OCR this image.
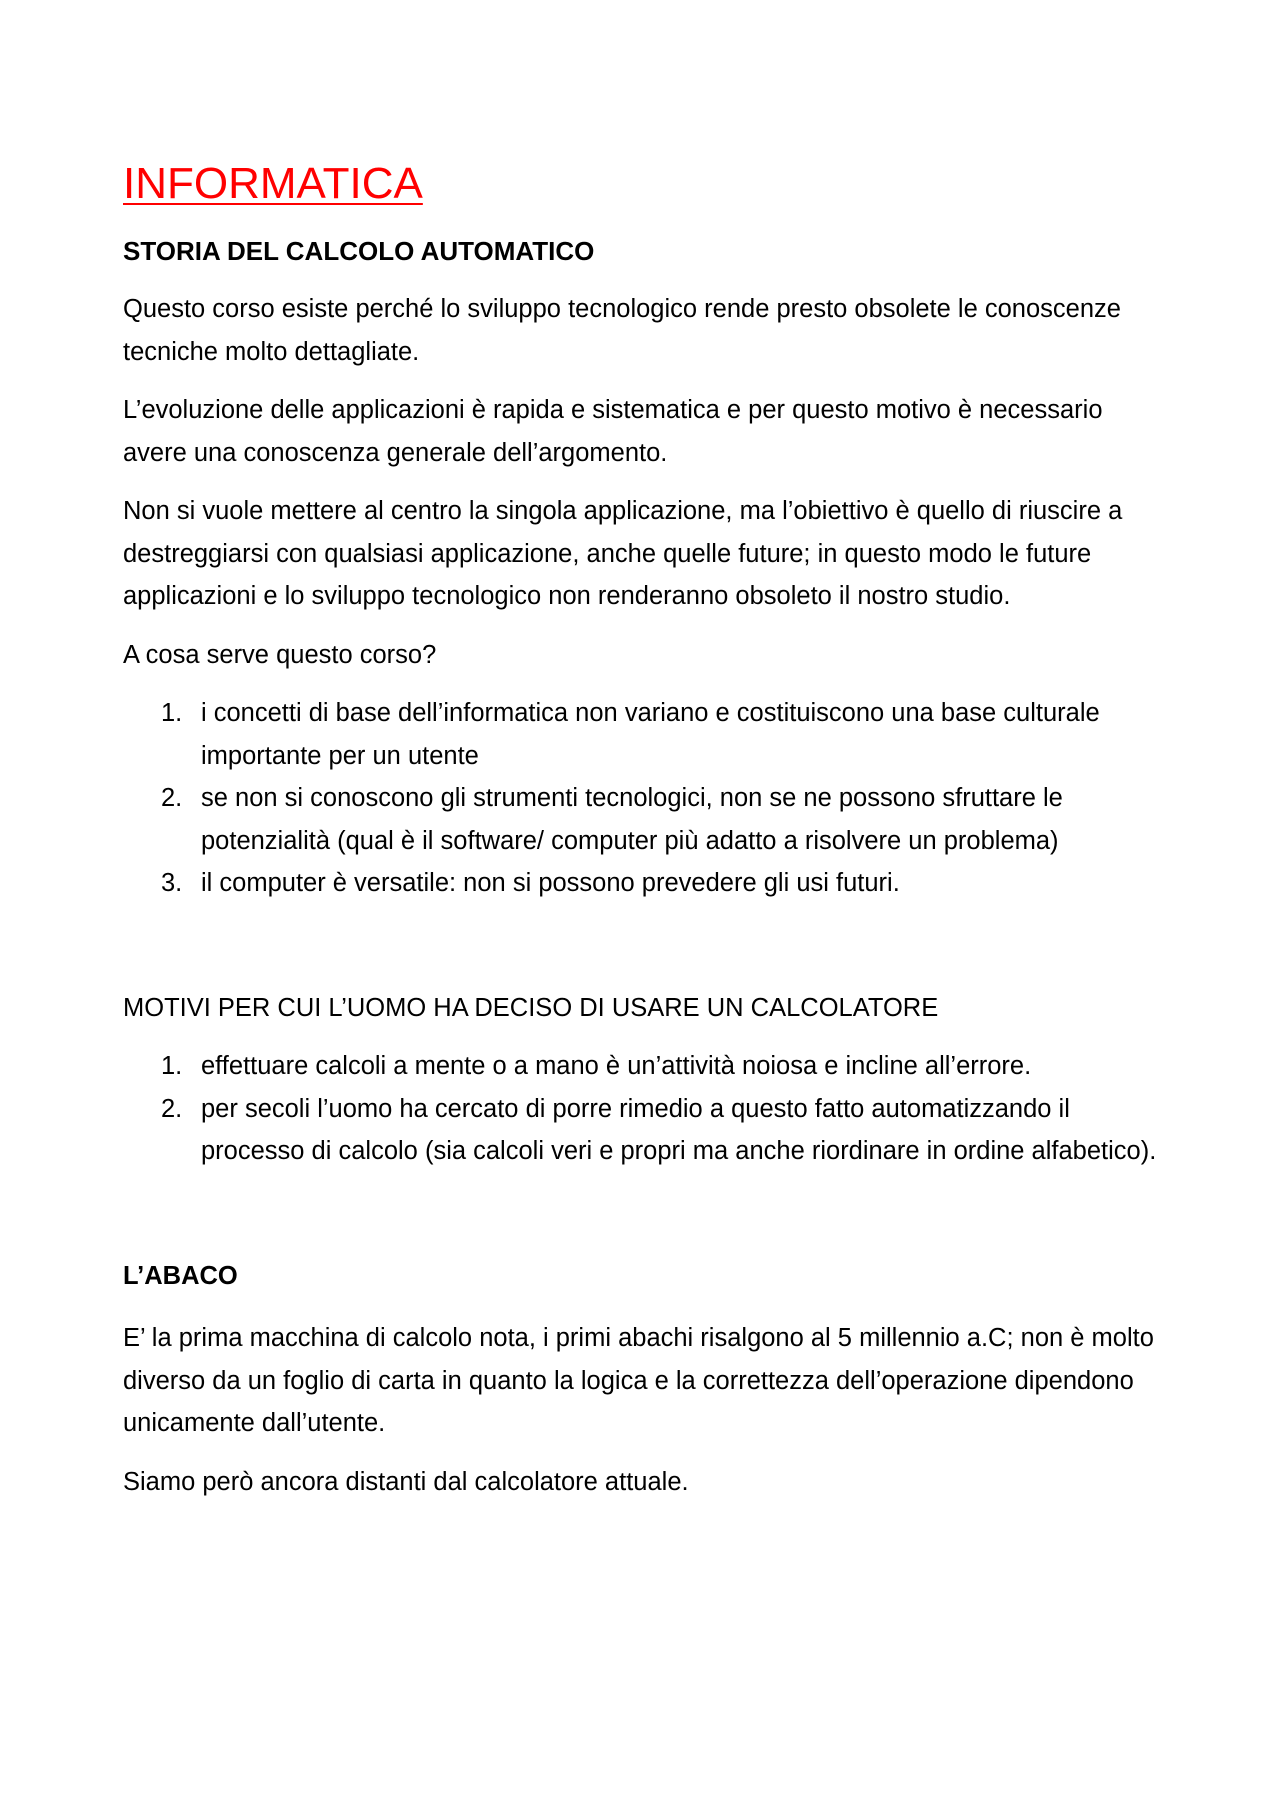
INFORMATICA
STORIA DEL CALCOLO AUTOMATICO

Questo corso esiste perché lo sviluppo tecnologico rende presto obsolete le conoscenze tecniche molto dettagliate.

L’evoluzione delle applicazioni è rapida e sistematica e per questo motivo è necessario avere una conoscenza generale dell’argomento.

Non si vuole mettere al centro la singola applicazione, ma l’obiettivo è quello di riuscire a destreggiarsi con qualsiasi applicazione, anche quelle future; in questo modo le future applicazioni e lo sviluppo tecnologico non renderanno obsoleto il nostro studio.

A cosa serve questo corso?

1. i concetti di base dell’informatica non variano e costituiscono una base culturale importante per un utente
2. se non si conoscono gli strumenti tecnologici, non se ne possono sfruttare le potenzialità (qual è il software/ computer più adatto a risolvere un problema)
3. il computer è versatile: non si possono prevedere gli usi futuri.

MOTIVI PER CUI L’UOMO HA DECISO DI USARE UN CALCOLATORE

1. effettuare calcoli a mente o a mano è un’attività noiosa e incline all’errore.
2. per secoli l’uomo ha cercato di porre rimedio a questo fatto automatizzando il processo di calcolo (sia calcoli veri e propri ma anche riordinare in ordine alfabetico).

L’ABACO

E’ la prima macchina di calcolo nota, i primi abachi risalgono al 5 millennio a.C; non è molto diverso da un foglio di carta in quanto la logica e la correttezza dell’operazione dipendono unicamente dall’utente.

Siamo però ancora distanti dal calcolatore attuale.
